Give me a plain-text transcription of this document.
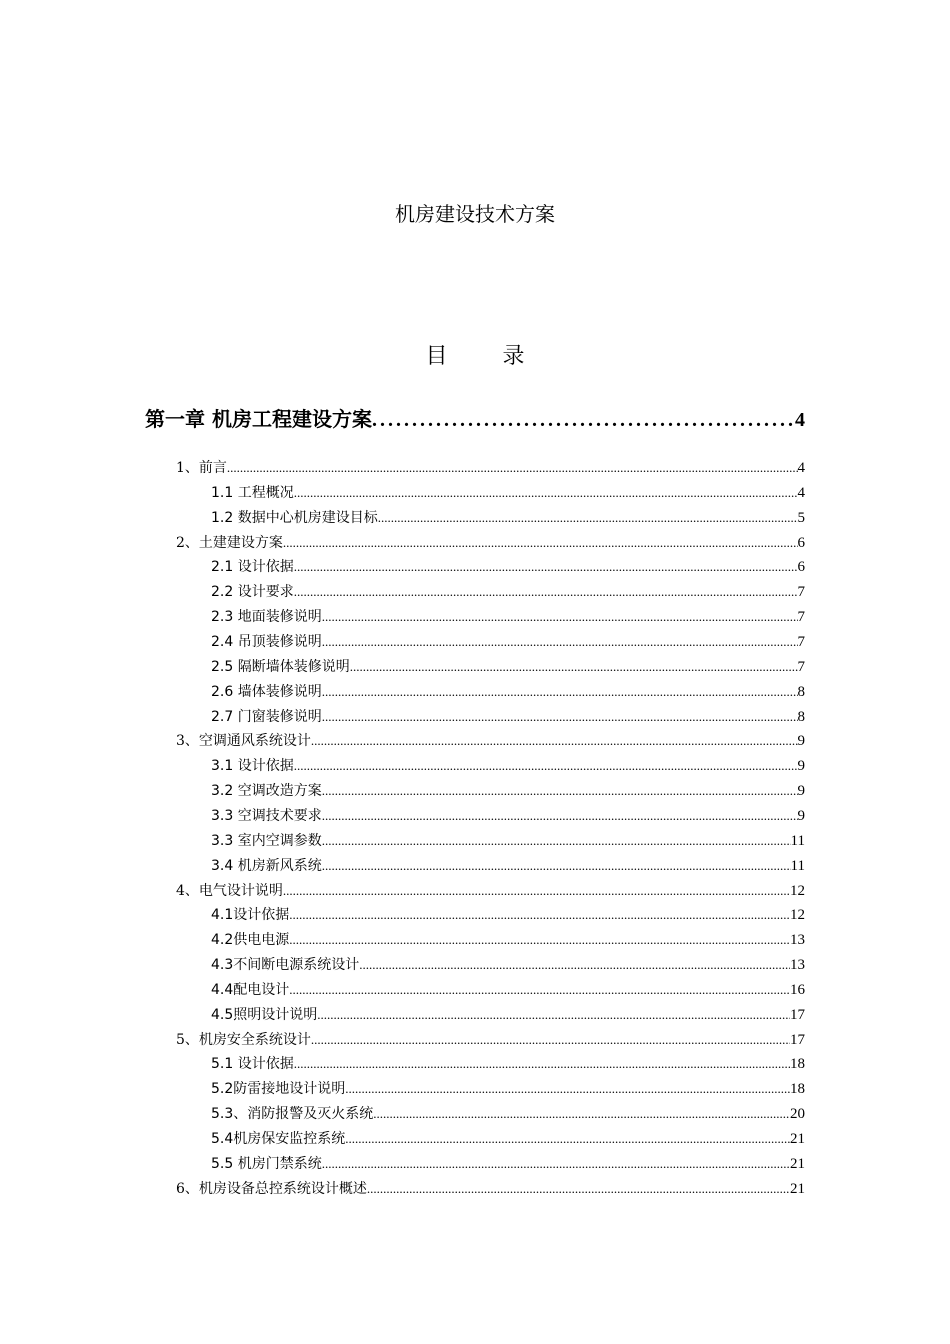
机房建设技术方案
目 录
第一章 机房工程建设方案 .....	4
1、前言 .....	4
1.1 工程概况 .....	4
1.2 数据中心机房建设目标 .....	5
2、土建建设方案 .....	6
2.1 设计依据 .....	6
2.2 设计要求 .....	7
2.3 地面装修说明 .....	7
2.4 吊顶装修说明 .....	7
2.5 隔断墙体装修说明 .....	7
2.6 墙体装修说明 .....	8
2.7 门窗装修说明 .....	8
3、空调通风系统设计 .....	9
3.1 设计依据 .....	9
3.2 空调改造方案 .....	9
3.3 空调技术要求 .....	9
3.3 室内空调参数 .....	11
3.4 机房新风系统 .....	11
4、电气设计说明 .....	12
4.1设计依据 .....	12
4.2供电电源 .....	13
4.3不间断电源系统设计 .....	13
4.4配电设计 .....	16
4.5照明设计说明 .....	17
5、机房安全系统设计 .....	17
5.1 设计依据 .....	18
5.2防雷接地设计说明 .....	18
5.3、消防报警及灭火系统 .....	20
5.4机房保安监控系统 .....	21
5.5 机房门禁系统 .....	21
6、机房设备总控系统设计概述 .....	21
